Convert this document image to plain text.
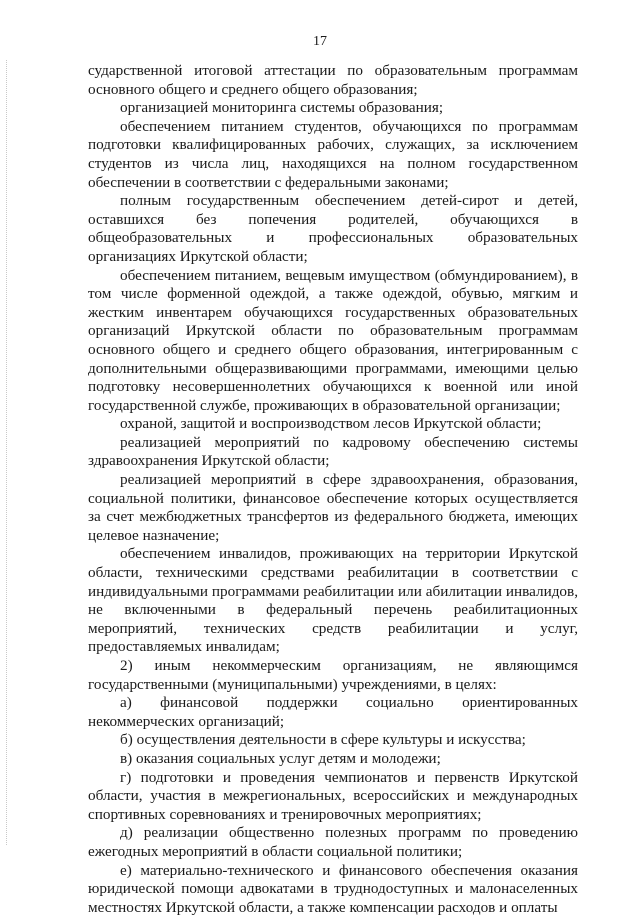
17

сударственной итоговой аттестации по образовательным программам основного общего и среднего общего образования;

организацией мониторинга системы образования;

обеспечением питанием студентов, обучающихся по программам подготовки квалифицированных рабочих, служащих, за исключением студентов из числа лиц, находящихся на полном государственном обеспечении в соответствии с федеральными законами;

полным государственным обеспечением детей-сирот и детей, оставшихся без попечения родителей, обучающихся в общеобразовательных и профессиональных образовательных организациях Иркутской области;

обеспечением питанием, вещевым имуществом (обмундированием), в том числе форменной одеждой, а также одеждой, обувью, мягким и жестким инвентарем обучающихся государственных образовательных организаций Иркутской области по образовательным программам основного общего и среднего общего образования, интегрированным с дополнительными общеразвивающими программами, имеющими целью подготовку несовершеннолетних обучающихся к военной или иной государственной службе, проживающих в образовательной организации;

охраной, защитой и воспроизводством лесов Иркутской области;

реализацией мероприятий по кадровому обеспечению системы здравоохранения Иркутской области;

реализацией мероприятий в сфере здравоохранения, образования, социальной политики, финансовое обеспечение которых осуществляется за счет межбюджетных трансфертов из федерального бюджета, имеющих целевое назначение;

обеспечением инвалидов, проживающих на территории Иркутской области, техническими средствами реабилитации в соответствии с индивидуальными программами реабилитации или абилитации инвалидов, не включенными в федеральный перечень реабилитационных мероприятий, технических средств реабилитации и услуг, предоставляемых инвалидам;

2) иным некоммерческим организациям, не являющимся государственными (муниципальными) учреждениями, в целях:

а) финансовой поддержки социально ориентированных некоммерческих организаций;

б) осуществления деятельности в сфере культуры и искусства;

в) оказания социальных услуг детям и молодежи;

г) подготовки и проведения чемпионатов и первенств Иркутской области, участия в межрегиональных, всероссийских и международных спортивных соревнованиях и тренировочных мероприятиях;

д) реализации общественно полезных программ по проведению ежегодных мероприятий в области социальной политики;

е) материально-технического и финансового обеспечения оказания юридической помощи адвокатами в труднодоступных и малонаселенных местностях Иркутской области, а также компенсации расходов и оплаты
